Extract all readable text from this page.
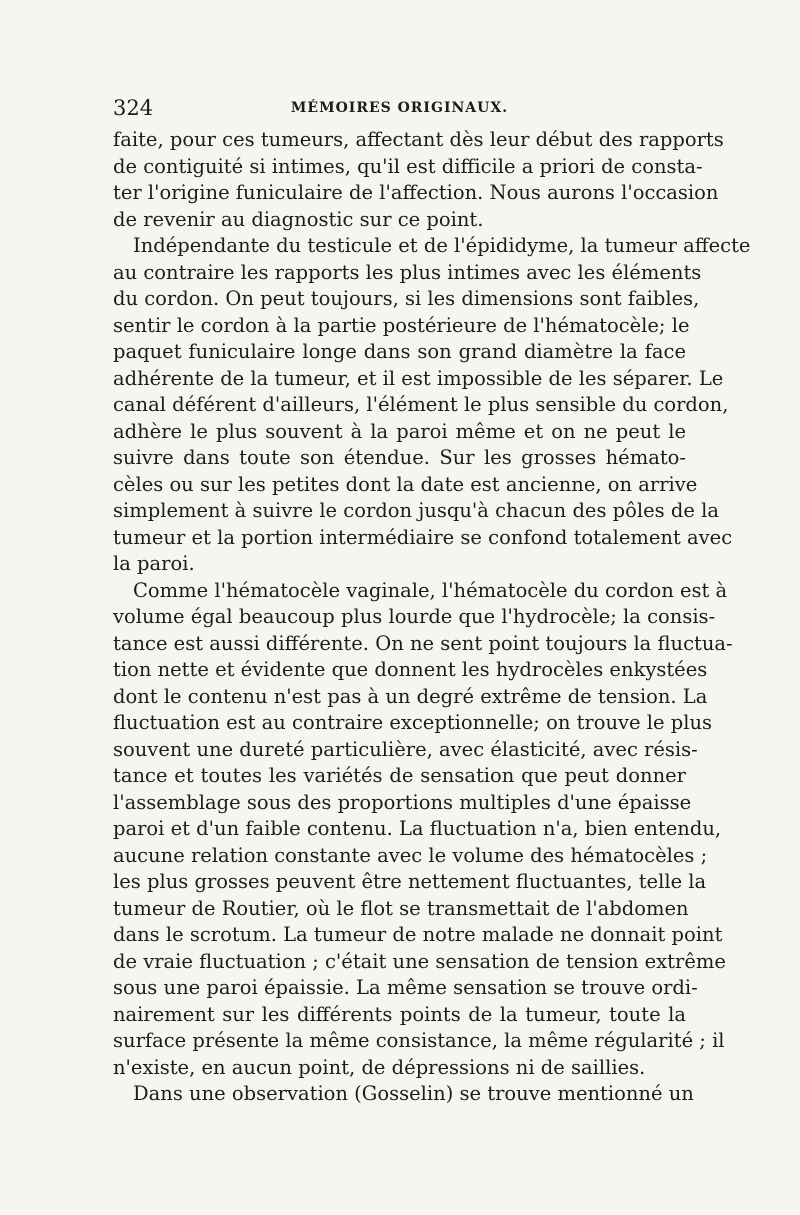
324	MÉMOIRES ORIGINAUX.
faite, pour ces tumeurs, affectant dès leur début des rapports
de contiguité si intimes, qu'il est difficile a priori de consta-
ter l'origine funiculaire de l'affection. Nous aurons l'occasion
de revenir au diagnostic sur ce point.
Indépendante du testicule et de l'épididyme, la tumeur affecte
au contraire les rapports les plus intimes avec les éléments
du cordon. On peut toujours, si les dimensions sont faibles,
sentir le cordon à la partie postérieure de l'hématocèle; le
paquet funiculaire longe dans son grand diamètre la face
adhérente de la tumeur, et il est impossible de les séparer. Le
canal déférent d'ailleurs, l'élément le plus sensible du cordon,
adhère le plus souvent à la paroi même et on ne peut le
suivre dans toute son étendue. Sur les grosses hémato-
cèles ou sur les petites dont la date est ancienne, on arrive
simplement à suivre le cordon jusqu'à chacun des pôles de la
tumeur et la portion intermédiaire se confond totalement avec
la paroi.
Comme l'hématocèle vaginale, l'hématocèle du cordon est à
volume égal beaucoup plus lourde que l'hydrocèle; la consis-
tance est aussi différente. On ne sent point toujours la fluctua-
tion nette et évidente que donnent les hydrocèles enkystées
dont le contenu n'est pas à un degré extrême de tension. La
fluctuation est au contraire exceptionnelle; on trouve le plus
souvent une dureté particulière, avec élasticité, avec résis-
tance et toutes les variétés de sensation que peut donner
l'assemblage sous des proportions multiples d'une épaisse
paroi et d'un faible contenu. La fluctuation n'a, bien entendu,
aucune relation constante avec le volume des hématocèles ;
les plus grosses peuvent être nettement fluctuantes, telle la
tumeur de Routier, où le flot se transmettait de l'abdomen
dans le scrotum. La tumeur de notre malade ne donnait point
de vraie fluctuation ; c'était une sensation de tension extrême
sous une paroi épaissie. La même sensation se trouve ordi-
nairement sur les différents points de la tumeur, toute la
surface présente la même consistance, la même régularité ; il
n'existe, en aucun point, de dépressions ni de saillies.
Dans une observation (Gosselin) se trouve mentionné un
